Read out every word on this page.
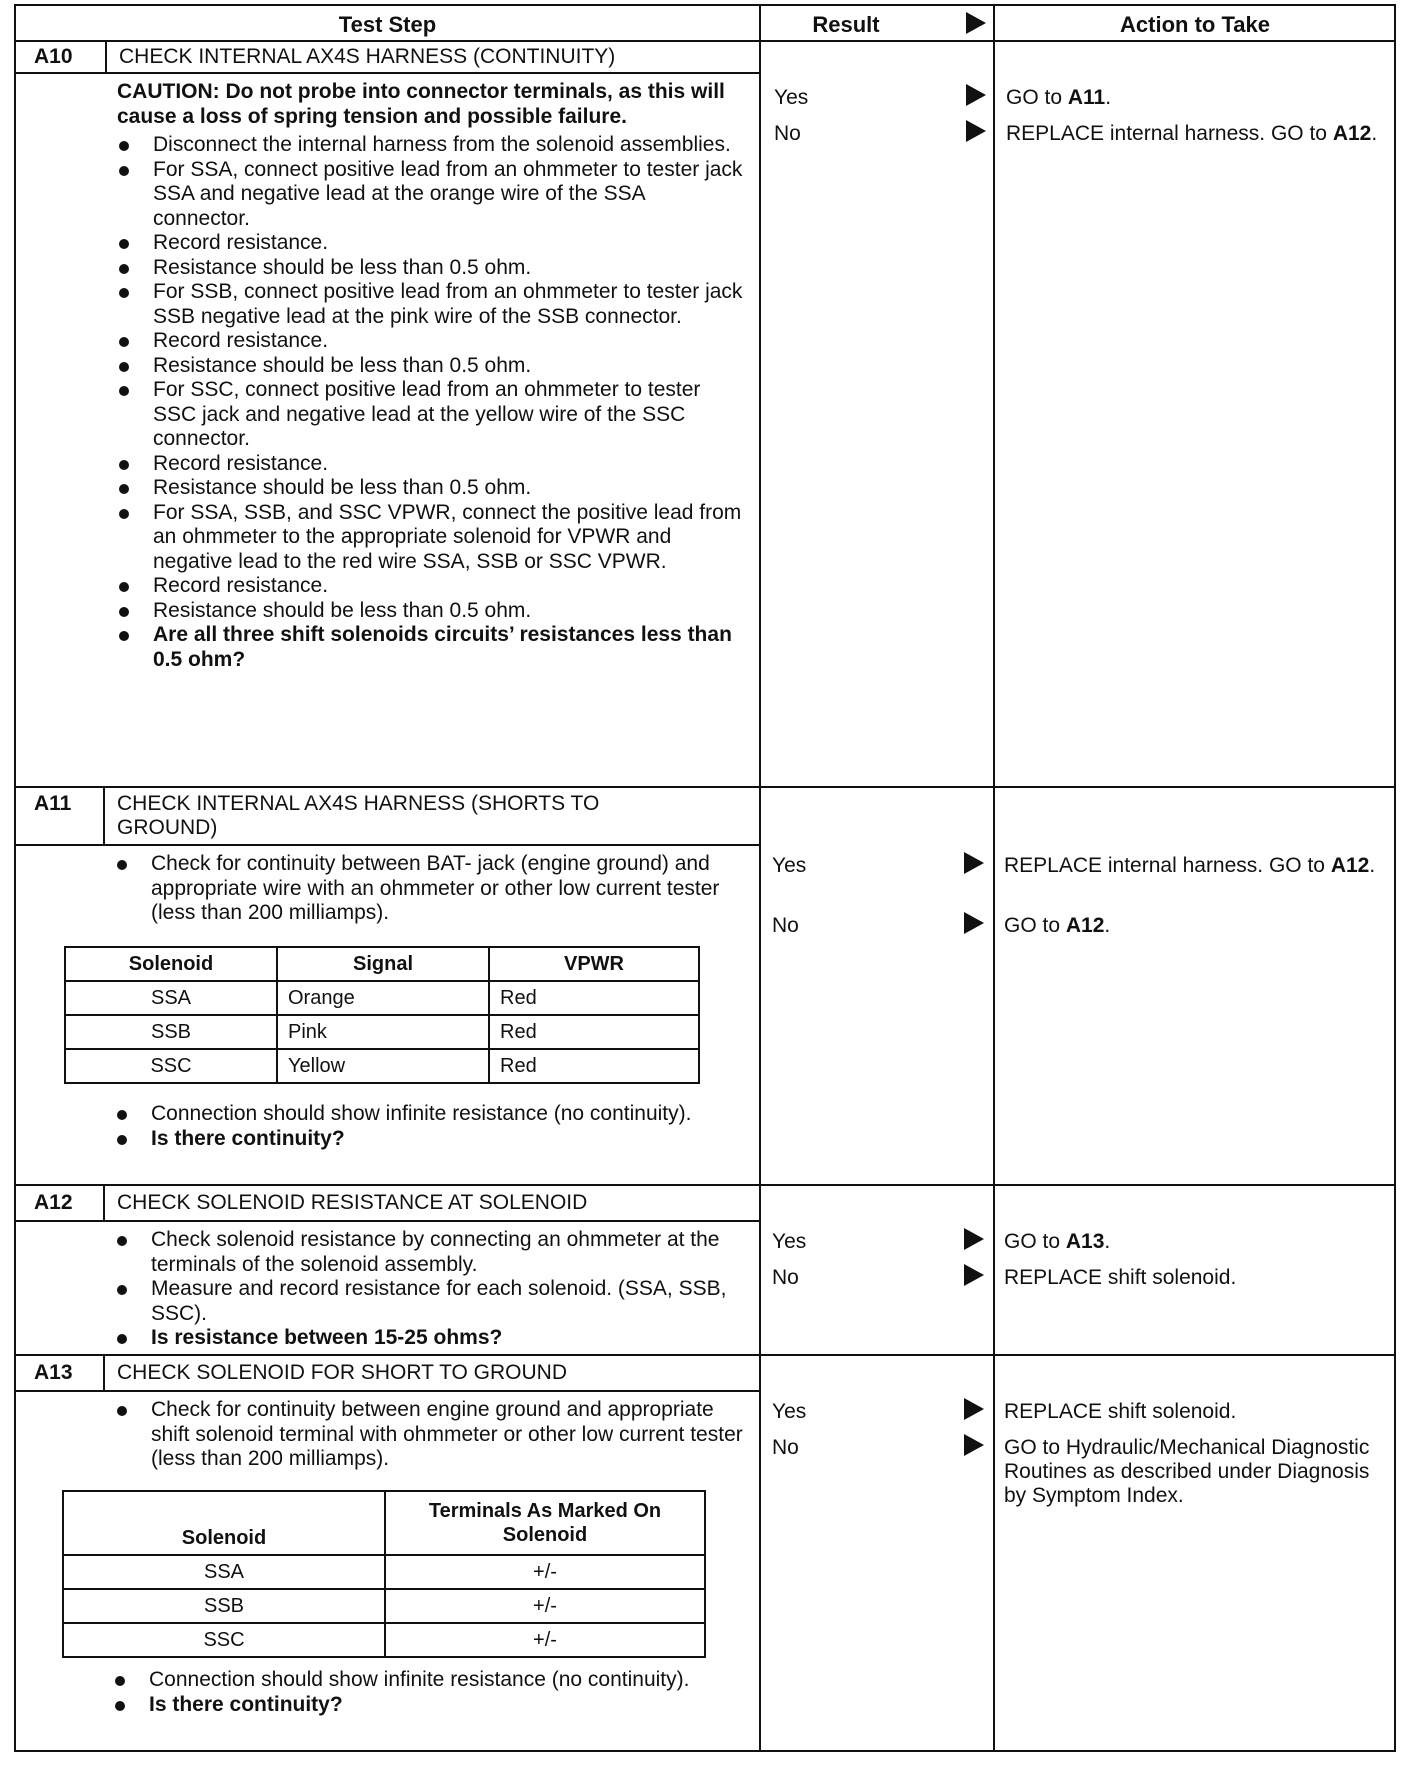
Test Step	Result	Action to Take
A10 CHECK INTERNAL AX4S HARNESS (CONTINUITY)

CAUTION: Do not probe into connector terminals, as this will cause a loss of spring tension and possible failure.

Disconnect the internal harness from the solenoid assemblies.
For SSA, connect positive lead from an ohmmeter to tester jack SSA and negative lead at the orange wire of the SSA connector.
Record resistance.
Resistance should be less than 0.5 ohm.
For SSB, connect positive lead from an ohmmeter to tester jack SSB negative lead at the pink wire of the SSB connector.
Record resistance.
Resistance should be less than 0.5 ohm.
For SSC, connect positive lead from an ohmmeter to tester SSC jack and negative lead at the yellow wire of the SSC connector.
Record resistance.
Resistance should be less than 0.5 ohm.
For SSA, SSB, and SSC VPWR, connect the positive lead from an ohmmeter to the appropriate solenoid for VPWR and negative lead to the red wire SSA, SSB or SSC VPWR.
Record resistance.
Resistance should be less than 0.5 ohm.
Are all three shift solenoids circuits’ resistances less than 0.5 ohm?
Yes	GO to A11.
No	REPLACE internal harness. GO to A12.
A11 CHECK INTERNAL AX4S HARNESS (SHORTS TO GROUND)
Check for continuity between BAT- jack (engine ground) and appropriate wire with an ohmmeter or other low current tester (less than 200 milliamps).
Solenoid	Signal	VPWR
SSA	Orange	Red
SSB	Pink	Red
SSC	Yellow	Red
Connection should show infinite resistance (no continuity).
Is there continuity?
Yes	REPLACE internal harness. GO to A12.
No	GO to A12.
A12 CHECK SOLENOID RESISTANCE AT SOLENOID
Check solenoid resistance by connecting an ohmmeter at the terminals of the solenoid assembly.
Measure and record resistance for each solenoid. (SSA, SSB, SSC).
Is resistance between 15-25 ohms?
Yes	GO to A13.
No	REPLACE shift solenoid.
A13 CHECK SOLENOID FOR SHORT TO GROUND
Check for continuity between engine ground and appropriate shift solenoid terminal with ohmmeter or other low current tester (less than 200 milliamps).
Solenoid	Terminals As Marked On Solenoid
SSA	+/-
SSB	+/-
SSC	+/-
Connection should show infinite resistance (no continuity).
Is there continuity?
Yes	REPLACE shift solenoid.
No	GO to Hydraulic/Mechanical Diagnostic Routines as described under Diagnosis by Symptom Index.
